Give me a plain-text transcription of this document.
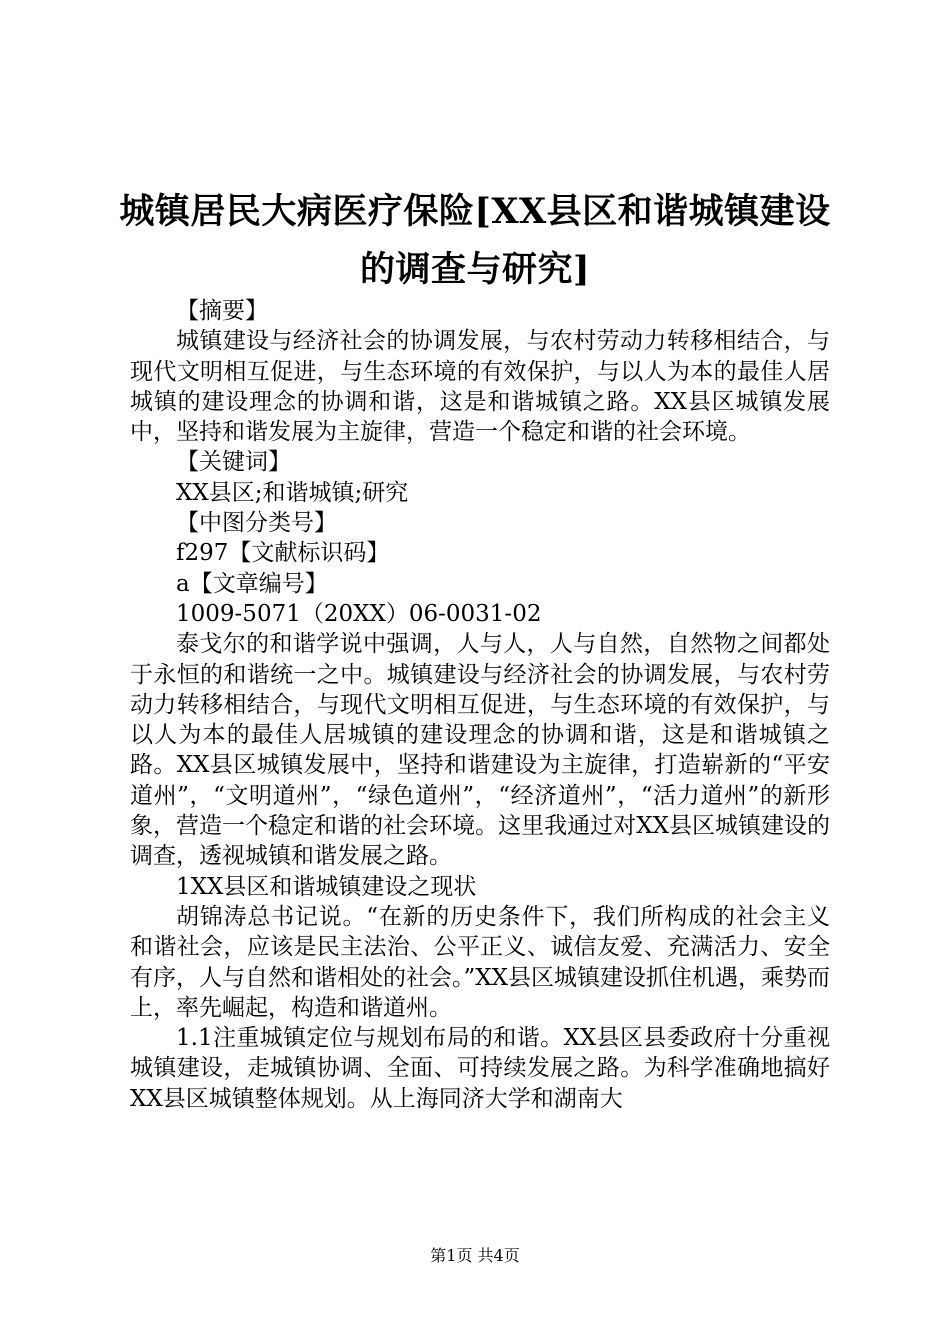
城镇居民大病医疗保险[XX县区和谐城镇建设
的调查与研究]

【摘要】

城镇建设与经济社会的协调发展，与农村劳动力转移相结合，与现代文明相互促进，与生态环境的有效保护，与以人为本的最佳人居城镇的建设理念的协调和谐，这是和谐城镇之路。XX县区城镇发展中，坚持和谐发展为主旋律，营造一个稳定和谐的社会环境。

【关键词】

XX县区;和谐城镇;研究

【中图分类号】

f297【文献标识码】

a【文章编号】

1009-5071（20XX）06-0031-02

泰戈尔的和谐学说中强调，人与人，人与自然，自然物之间都处于永恒的和谐统一之中。城镇建设与经济社会的协调发展，与农村劳动力转移相结合，与现代文明相互促进，与生态环境的有效保护，与以人为本的最佳人居城镇的建设理念的协调和谐，这是和谐城镇之路。XX县区城镇发展中，坚持和谐建设为主旋律，打造崭新的“平安道州”，“文明道州”，“绿色道州”，“经济道州”，“活力道州”的新形象，营造一个稳定和谐的社会环境。这里我通过对XX县区城镇建设的调查，透视城镇和谐发展之路。

1XX县区和谐城镇建设之现状

胡锦涛总书记说。“在新的历史条件下，我们所构成的社会主义和谐社会，应该是民主法治、公平正义、诚信友爱、充满活力、安全有序，人与自然和谐相处的社会。”XX县区城镇建设抓住机遇，乘势而上，率先崛起，构造和谐道州。

1.1注重城镇定位与规划布局的和谐。XX县区县委政府十分重视城镇建设，走城镇协调、全面、可持续发展之路。为科学准确地搞好XX县区城镇整体规划。从上海同济大学和湖南大

第1页 共4页
